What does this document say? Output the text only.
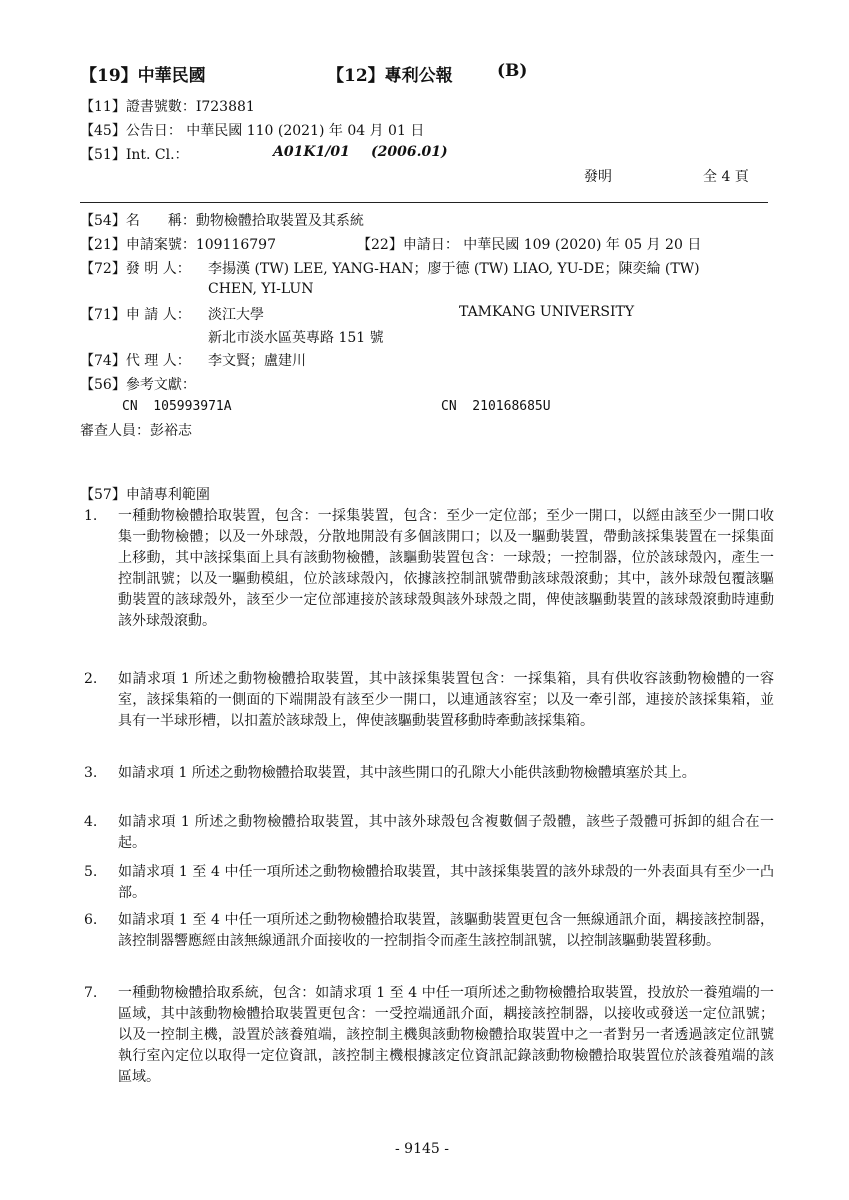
【19】中華民國	【12】專利公報	(B)
【11】證書號數：I723881
【45】公告日： 中華民國 110 (2021) 年 04 月 01 日
【51】Int. Cl.：	A01K1/01 (2006.01)
發明	全 4 頁
【54】名　　稱：動物檢體拾取裝置及其系統
【21】申請案號：109116797	【22】申請日： 中華民國 109 (2020) 年 05 月 20 日
【72】發 明 人： 李揚漢 (TW) LEE, YANG-HAN；廖于德 (TW) LIAO, YU-DE；陳奕綸 (TW)
CHEN, YI-LUN
【71】申 請 人： 淡江大學	TAMKANG UNIVERSITY
新北市淡水區英專路 151 號
【74】代 理 人： 李文賢；盧建川
【56】參考文獻：
CN  105993971A	CN  210168685U
審查人員：彭裕志
【57】申請專利範圍
1.	一種動物檢體拾取裝置，包含：一採集裝置，包含：至少一定位部；至少一開口，以經由該至少一開口收集一動物檢體；以及一外球殼，分散地開設有多個該開口；以及一驅動裝置，帶動該採集裝置在一採集面上移動，其中該採集面上具有該動物檢體，該驅動裝置包含：一球殼；一控制器，位於該球殼內，產生一控制訊號；以及一驅動模組，位於該球殼內，依據該控制訊號帶動該球殼滾動；其中，該外球殼包覆該驅動裝置的該球殼外，該至少一定位部連接於該球殼與該外球殼之間，俾使該驅動裝置的該球殼滾動時連動該外球殼滾動。
2.	如請求項 1 所述之動物檢體拾取裝置，其中該採集裝置包含：一採集箱，具有供收容該動物檢體的一容室，該採集箱的一側面的下端開設有該至少一開口，以連通該容室；以及一牽引部，連接於該採集箱，並具有一半球形槽，以扣蓋於該球殼上，俾使該驅動裝置移動時牽動該採集箱。
3.	如請求項 1 所述之動物檢體拾取裝置，其中該些開口的孔隙大小能供該動物檢體填塞於其上。
4.	如請求項 1 所述之動物檢體拾取裝置，其中該外球殼包含複數個子殼體，該些子殼體可拆卸的組合在一起。
5.	如請求項 1 至 4 中任一項所述之動物檢體拾取裝置，其中該採集裝置的該外球殼的一外表面具有至少一凸部。
6.	如請求項 1 至 4 中任一項所述之動物檢體拾取裝置，該驅動裝置更包含一無線通訊介面，耦接該控制器，該控制器響應經由該無線通訊介面接收的一控制指令而產生該控制訊號，以控制該驅動裝置移動。
7.	一種動物檢體拾取系統，包含：如請求項 1 至 4 中任一項所述之動物檢體拾取裝置，投放於一養殖端的一區域，其中該動物檢體拾取裝置更包含：一受控端通訊介面，耦接該控制器，以接收或發送一定位訊號；以及一控制主機，設置於該養殖端，該控制主機與該動物檢體拾取裝置中之一者對另一者透過該定位訊號執行室內定位以取得一定位資訊，該控制主機根據該定位資訊記錄該動物檢體拾取裝置位於該養殖端的該區域。
- 9145 -
